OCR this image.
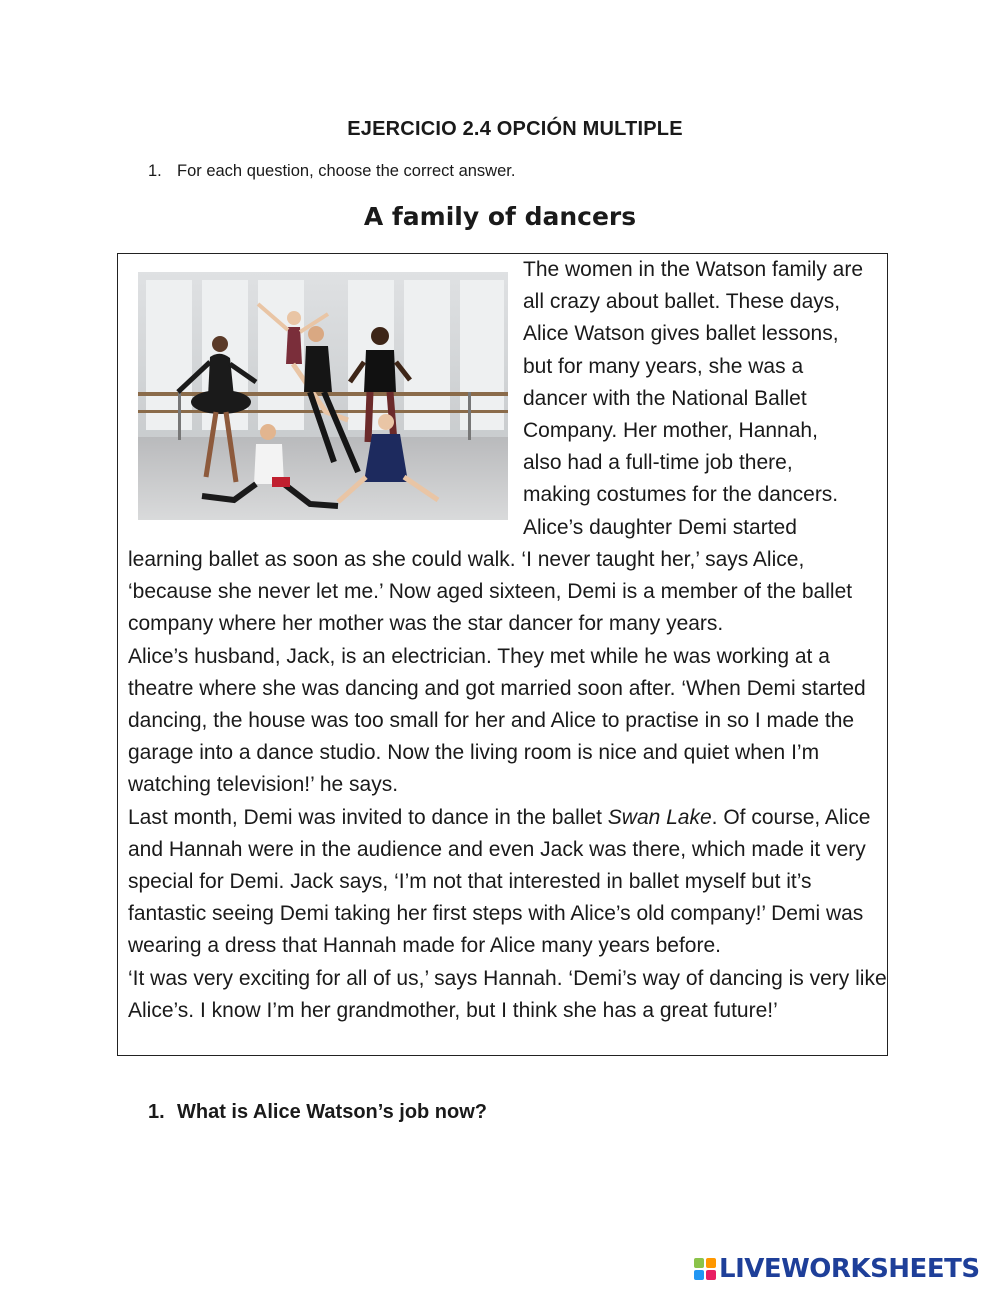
EJERCICIO 2.4 OPCIÓN MULTIPLE
1. For each question, choose the correct answer.
A family of dancers
The women in the Watson family are
all crazy about ballet. These days,
Alice Watson gives ballet lessons,
but for many years, she was a
dancer with the National Ballet
Company. Her mother, Hannah,
also had a full-time job there,
making costumes for the dancers.
Alice’s daughter Demi started

learning ballet as soon as she could walk. ‘I never taught her,’ says Alice, ‘because she never let me.’ Now aged sixteen, Demi is a member of the ballet company where her mother was the star dancer for many years.

Alice’s husband, Jack, is an electrician. They met while he was working at a theatre where she was dancing and got married soon after. ‘When Demi started dancing, the house was too small for her and Alice to practise in so I made the garage into a dance studio. Now the living room is nice and quiet when I’m watching television!’ he says.

Last month, Demi was invited to dance in the ballet Swan Lake. Of course, Alice and Hannah were in the audience and even Jack was there, which made it very special for Demi. Jack says, ‘I’m not that interested in ballet myself but it’s fantastic seeing Demi taking her first steps with Alice’s old company!’ Demi was wearing a dress that Hannah made for Alice many years before.

‘It was very exciting for all of us,’ says Hannah. ‘Demi’s way of dancing is very like Alice’s. I know I’m her grandmother, but I think she has a great future!’

1. What is Alice Watson’s job now?
LIVEWORKSHEETS
